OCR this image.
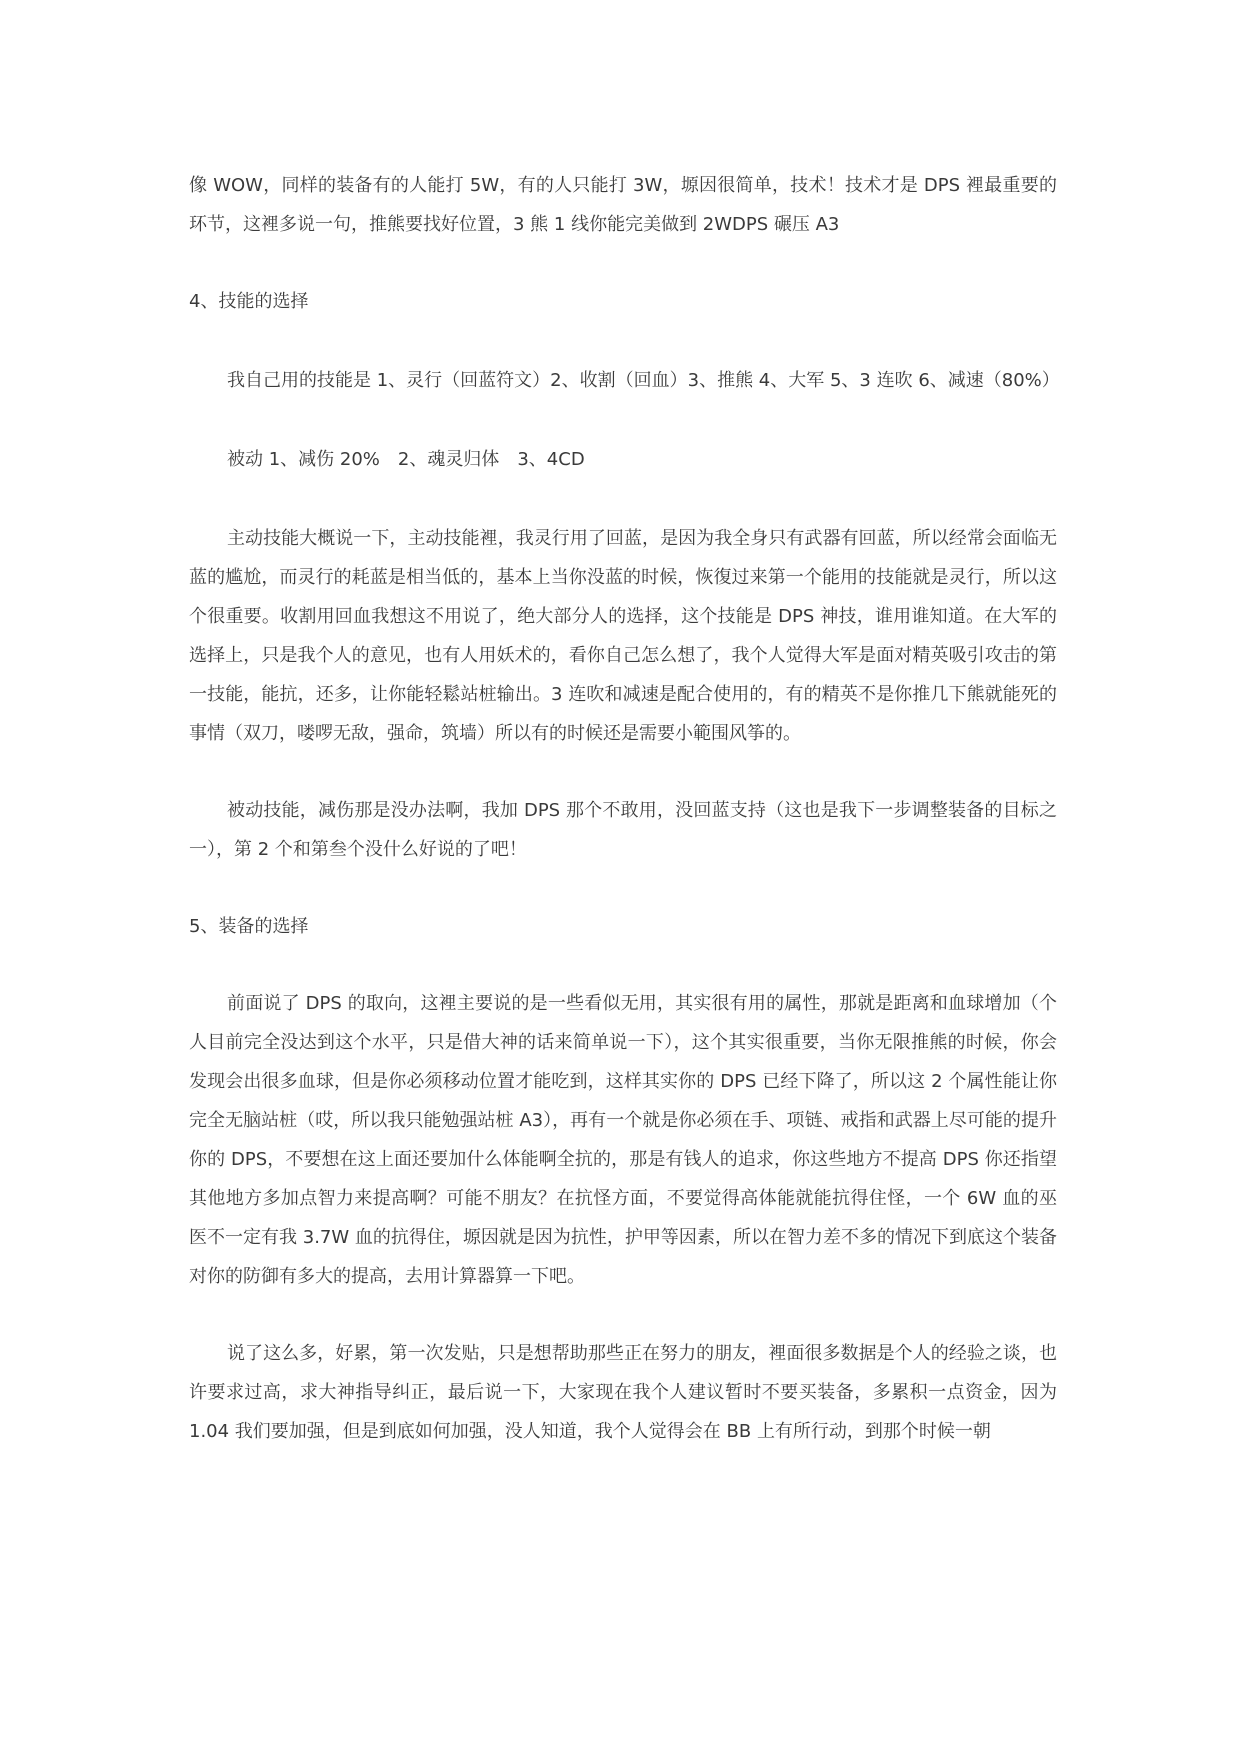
像 WOW，同样的装备有的人能打 5W，有的人只能打 3W，塬因很简单，技术！技术才是 DPS 裡最重要的环节，这裡多说一句，推熊要找好位置，3 熊 1 线你能完美做到 2WDPS 碾压 A3

4、技能的选择

我自己用的技能是 1、灵行（回蓝符文）2、收割（回血）3、推熊 4、大军 5、3 连吹 6、减速（80%）

被动 1、减伤 20%　2、魂灵归体　3、4CD

主动技能大概说一下，主动技能裡，我灵行用了回蓝，是因为我全身只有武器有回蓝，所以经常会面临无蓝的尴尬，而灵行的耗蓝是相当低的，基本上当你没蓝的时候，恢復过来第一个能用的技能就是灵行，所以这个很重要。收割用回血我想这不用说了，绝大部分人的选择，这个技能是 DPS 神技，谁用谁知道。在大军的选择上，只是我个人的意见，也有人用妖术的，看你自己怎么想了，我个人觉得大军是面对精英吸引攻击的第一技能，能抗，还多，让你能轻鬆站桩输出。3 连吹和减速是配合使用的，有的精英不是你推几下熊就能死的事情（双刀，喽啰无敌，强命，筑墙）所以有的时候还是需要小範围风筝的。

被动技能，减伤那是没办法啊，我加 DPS 那个不敢用，没回蓝支持（这也是我下一步调整装备的目标之一），第 2 个和第叁个没什么好说的了吧！

5、装备的选择

前面说了 DPS 的取向，这裡主要说的是一些看似无用，其实很有用的属性，那就是距离和血球增加（个人目前完全没达到这个水平，只是借大神的话来简单说一下），这个其实很重要，当你无限推熊的时候，你会发现会出很多血球，但是你必须移动位置才能吃到，这样其实你的 DPS 已经下降了，所以这 2 个属性能让你完全无脑站桩（哎，所以我只能勉强站桩 A3），再有一个就是你必须在手、项链、戒指和武器上尽可能的提升你的 DPS，不要想在这上面还要加什么体能啊全抗的，那是有钱人的追求，你这些地方不提高 DPS 你还指望其他地方多加点智力来提高啊？可能不朋友？在抗怪方面，不要觉得高体能就能抗得住怪，一个 6W 血的巫医不一定有我 3.7W 血的抗得住，塬因就是因为抗性，护甲等因素，所以在智力差不多的情况下到底这个装备对你的防御有多大的提高，去用计算器算一下吧。

说了这么多，好累，第一次发贴，只是想帮助那些正在努力的朋友，裡面很多数据是个人的经验之谈，也许要求过高，求大神指导纠正，最后说一下，大家现在我个人建议暂时不要买装备，多累积一点资金，因为 1.04 我们要加强，但是到底如何加强，没人知道，我个人觉得会在 BB 上有所行动，到那个时候一朝
